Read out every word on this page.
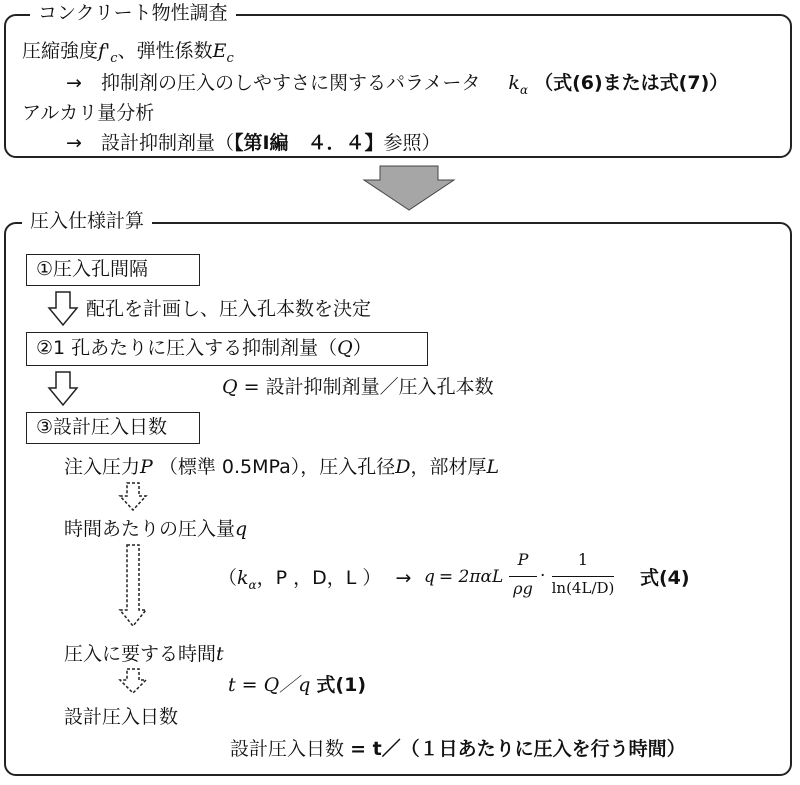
コンクリート物性調査
圧縮強度$f'_c$、弾性係数$E_c$
→　 抑制剤の圧入のしやすさに関するパラメータ $k_\alpha$ （式(6)または式(7)）
アルカリ量分析
→　 設計抑制剤量（【第Ⅰ編　４．４】参照）
圧入仕様計算
①圧入孔間隔
配孔を計画し、圧入孔本数を決定
②1 孔あたりに圧入する抑制剤量（Q）
Q = 設計抑制剤量／圧入孔本数
③設計圧入日数
注入圧力P （標準 0.5MPa），圧入孔径D，部材厚L
時間あたりの圧入量q
（$k_\alpha$，P ，D，L ） → q = 2παL
P
ρg
·
1
ln(4L/D) 式(4)
圧入に要する時間t
t = Q／q 式(1)
設計圧入日数
設計圧入日数 = t／（１日あたりに圧入を行う時間）
